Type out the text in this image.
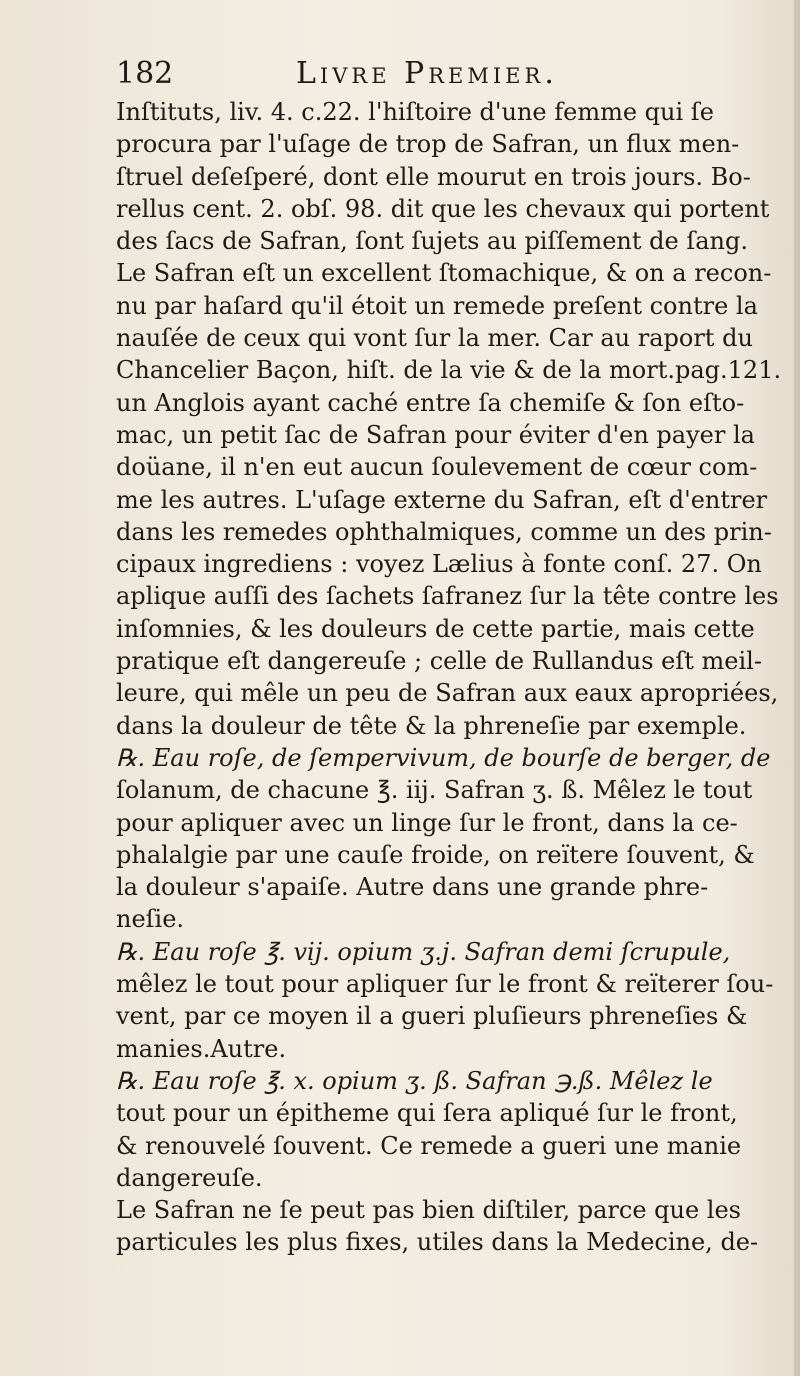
182	Livre Premier.
Inſtituts, liv. 4. c.22. l'hiſtoire d'une femme qui ſe
procura par l'uſage de trop de Safran, un flux men-
ſtruel deſeſperé, dont elle mourut en trois jours. Bo-
rellus cent. 2. obſ. 98. dit que les chevaux qui portent
des ſacs de Safran, ſont ſujets au piſſement de ſang.
Le Safran eſt un excellent ſtomachique, & on a recon-
nu par haſard qu'il étoit un remede preſent contre la
nauſée de ceux qui vont ſur la mer. Car au raport du
Chancelier Baçon, hiſt. de la vie & de la mort.pag.121.
un Anglois ayant caché entre ſa chemiſe & ſon eſto-
mac, un petit ſac de Safran pour éviter d'en payer la
doüane, il n'en eut aucun ſoulevement de cœur com-
me les autres. L'uſage externe du Safran, eſt d'entrer
dans les remedes ophthalmiques, comme un des prin-
cipaux ingrediens : voyez Lælius à fonte conſ. 27. On
aplique auſſi des ſachets ſafranez ſur la tête contre les
inſomnies, & les douleurs de cette partie, mais cette
pratique eſt dangereuſe ; celle de Rullandus eſt meil-
leure, qui mêle un peu de Safran aux eaux apropriées,
dans la douleur de tête & la phreneſie par exemple.
℞. Eau roſe, de ſempervivum, de bourſe de berger, de
ſolanum, de chacune ℥. iij. Safran ʒ. ß. Mêlez le tout
pour apliquer avec un linge ſur le front, dans la ce-
phalalgie par une cauſe froide, on reïtere ſouvent, &
la douleur s'apaiſe. Autre dans une grande phre-
neſie.
℞. Eau roſe ℥. vij. opium ʒ.j. Safran demi ſcrupule,
mêlez le tout pour apliquer ſur le front & reïterer ſou-
vent, par ce moyen il a gueri pluſieurs phreneſies &
manies.Autre.
℞. Eau roſe ℥. x. opium ʒ. ß. Safran ℈.ß. Mêlez le
tout pour un épitheme qui ſera apliqué ſur le front,
& renouvelé ſouvent. Ce remede a gueri une manie
dangereuſe.
Le Safran ne ſe peut pas bien diſtiler, parce que les
particules les plus fixes, utiles dans la Medecine, de-
